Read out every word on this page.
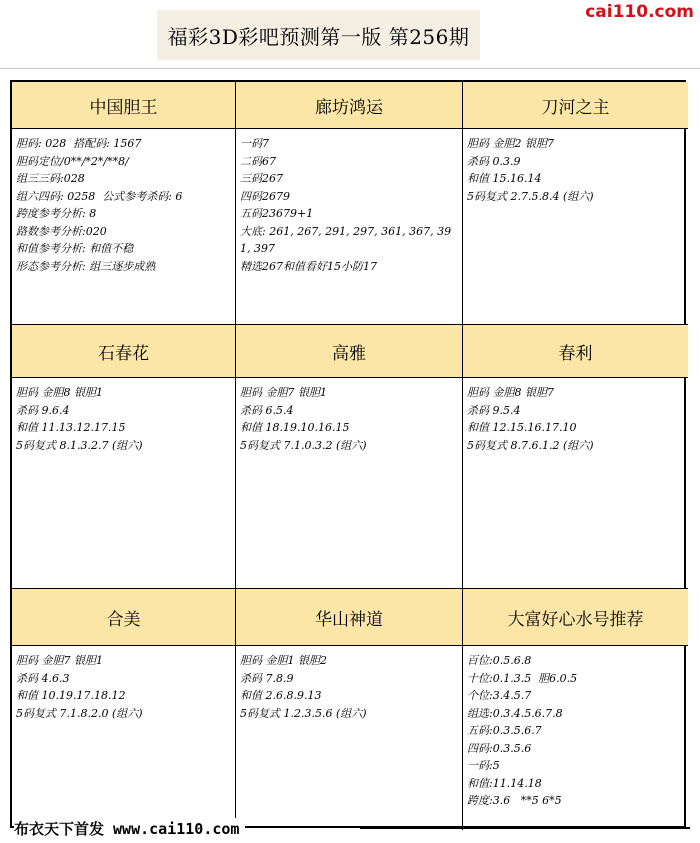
福彩3D彩吧预测第一版 第256期
cai110.com
中国胆王
胆码: 028  搭配码: 1567
胆码定位/0**/*2*/**8/
组三三码:028
组六四码: 0258  公式参考杀码: 6
跨度参考分析: 8
路数参考分析:020
和值参考分析: 和值不稳
形态参考分析: 组三逐步成熟
廊坊鸿运
一码7
二码67
三码267
四码2679
五码23679+1
大底: 261, 267, 291, 297, 361, 367, 391, 397
精选267和值看好15小防17
刀河之主
胆码 金胆2 银胆7
杀码 0.3.9
和值 15.16.14
5码复式 2.7.5.8.4 (组六)
石春花
胆码 金胆8 银胆1
杀码 9.6.4
和值 11.13.12.17.15
5码复式 8.1.3.2.7 (组六)
高雅
胆码 金胆7 银胆1
杀码 6.5.4
和值 18.19.10.16.15
5码复式 7.1.0.3.2 (组六)
春利
胆码 金胆8 银胆7
杀码 9.5.4
和值 12.15.16.17.10
5码复式 8.7.6.1.2 (组六)
合美
胆码 金胆7 银胆1
杀码 4.6.3
和值 10.19.17.18.12
5码复式 7.1.8.2.0 (组六)
华山神道
胆码 金胆1 银胆2
杀码 7.8.9
和值 2.6.8.9.13
5码复式 1.2.3.5.6 (组六)
大富好心水号推荐
百位:0.5.6.8
十位:0.1.3.5  胆6.0.5
个位:3.4.5.7
组选:0.3.4.5.6.7.8
五码:0.3.5.6.7
四码:0.3.5.6
一码:5
和值:11.14.18
跨度:3.6   **5 6*5
布衣天下首发 www.cai110.com
